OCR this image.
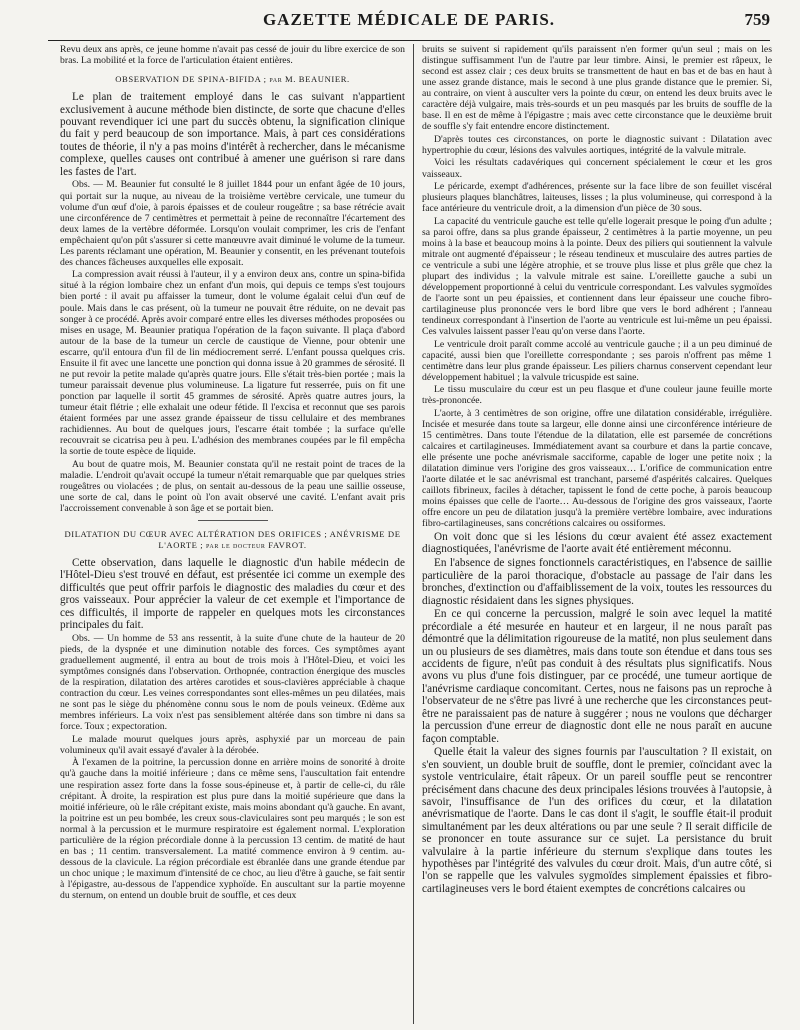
GAZETTE MÉDICALE DE PARIS.	759

Revu deux ans après, ce jeune homme n'avait pas cessé de jouir du libre exercice de son bras. La mobilité et la force de l'articulation étaient entières.

OBSERVATION DE SPINA-BIFIDA ; par M. BEAUNIER.

Le plan de traitement employé dans le cas suivant n'appartient exclusivement à aucune méthode bien distincte, de sorte que chacune d'elles pouvant revendiquer ici une part du succès obtenu, la signification clinique du fait y perd beaucoup de son importance. Mais, à part ces considérations toutes de théorie, il n'y a pas moins d'intérêt à rechercher, dans le mécanisme complexe, quelles causes ont contribué à amener une guérison si rare dans les fastes de l'art.

Obs. — M. Beaunier fut consulté le 8 juillet 1844 pour un enfant âgée de 10 jours, qui portait sur la nuque, au niveau de la troisième vertèbre cervicale, une tumeur du volume d'un œuf d'oie, à parois épaisses et de couleur rougeâtre ; sa base rétrécie avait une circonférence de 7 centimètres et permettait à peine de reconnaître l'écartement des deux lames de la vertèbre déformée. Lorsqu'on voulait comprimer, les cris de l'enfant empêchaient qu'on pût s'assurer si cette manœuvre avait diminué le volume de la tumeur. Les parents réclamant une opération, M. Beaunier y consentit, en les prévenant toutefois des chances fâcheuses auxquelles elle exposait.

La compression avait réussi à l'auteur, il y a environ deux ans, contre un spina-bifida situé à la région lombaire chez un enfant d'un mois, qui depuis ce temps s'est toujours bien porté : il avait pu affaisser la tumeur, dont le volume égalait celui d'un œuf de poule. Mais dans le cas présent, où la tumeur ne pouvait être réduite, on ne devait pas songer à ce procédé. Après avoir comparé entre elles les diverses méthodes proposées ou mises en usage, M. Beaunier pratiqua l'opération de la façon suivante. Il plaça d'abord autour de la base de la tumeur un cercle de caustique de Vienne, pour obtenir une escarre, qu'il entoura d'un fil de lin médiocrement serré. L'enfant poussa quelques cris. Ensuite il fit avec une lancette une ponction qui donna issue à 20 grammes de sérosité. Il ne put revoir la petite malade qu'après quatre jours. Elle s'était très-bien portée ; mais la tumeur paraissait devenue plus volumineuse. La ligature fut resserrée, puis on fit une ponction par laquelle il sortit 45 grammes de sérosité. Après quatre autres jours, la tumeur était flétrie ; elle exhalait une odeur fétide. Il l'excisa et reconnut que ses parois étaient formées par une assez grande épaisseur de tissu cellulaire et des membranes rachidiennes. Au bout de quelques jours, l'escarre était tombée ; la surface qu'elle recouvrait se cicatrisa peu à peu. L'adhésion des membranes coupées par le fil empêcha la sortie de toute espèce de liquide.

Au bout de quatre mois, M. Beaunier constata qu'il ne restait point de traces de la maladie. L'endroit qu'avait occupé la tumeur n'était remarquable que par quelques stries rougeâtres ou violacées ; de plus, on sentait au-dessous de la peau une saillie osseuse, une sorte de cal, dans le point où l'on avait observé une cavité. L'enfant avait pris l'accroissement convenable à son âge et se portait bien.

DILATATION DU CŒUR AVEC ALTÉRATION DES ORIFICES ; ANÉVRISME DE L'AORTE ; par le docteur FAVROT.

Cette observation, dans laquelle le diagnostic d'un habile médecin de l'Hôtel-Dieu s'est trouvé en défaut, est présentée ici comme un exemple des difficultés que peut offrir parfois le diagnostic des maladies du cœur et des gros vaisseaux. Pour apprécier la valeur de cet exemple et l'importance de ces difficultés, il importe de rappeler en quelques mots les circonstances principales du fait.

Obs. — Un homme de 53 ans ressentit, à la suite d'une chute de la hauteur de 20 pieds, de la dyspnée et une diminution notable des forces. Ces symptômes ayant graduellement augmenté, il entra au bout de trois mois à l'Hôtel-Dieu, et voici les symptômes consignés dans l'observation. Orthopnée, contraction énergique des muscles de la respiration, dilatation des artères carotides et sous-clavières appréciable à chaque contraction du cœur. Les veines correspondantes sont elles-mêmes un peu dilatées, mais ne sont pas le siège du phénomène connu sous le nom de pouls veineux. Œdème aux membres inférieurs. La voix n'est pas sensiblement altérée dans son timbre ni dans sa force. Toux ; expectoration.

Le malade mourut quelques jours après, asphyxié par un morceau de pain volumineux qu'il avait essayé d'avaler à la dérobée.

À l'examen de la poitrine, la percussion donne en arrière moins de sonorité à droite qu'à gauche dans la moitié inférieure ; dans ce même sens, l'auscultation fait entendre une respiration assez forte dans la fosse sous-épineuse et, à partir de celle-ci, du râle crépitant. À droite, la respiration est plus pure dans la moitié supérieure que dans la moitié inférieure, où le râle crépitant existe, mais moins abondant qu'à gauche. En avant, la poitrine est un peu bombée, les creux sous-claviculaires sont peu marqués ; le son est normal à la percussion et le murmure respiratoire est également normal. L'exploration particulière de la région précordiale donne à la percussion 13 centim. de matité de haut en bas ; 11 centim. transversalement. La matité commence environ à 9 centim. au-dessous de la clavicule. La région précordiale est ébranlée dans une grande étendue par un choc unique ; le maximum d'intensité de ce choc, au lieu d'être à gauche, se fait sentir à l'épigastre, au-dessous de l'appendice xyphoïde. En auscultant sur la partie moyenne du sternum, on entend un double bruit de souffle, et ces deux

bruits se suivent si rapidement qu'ils paraissent n'en former qu'un seul ; mais on les distingue suffisamment l'un de l'autre par leur timbre. Ainsi, le premier est râpeux, le second est assez clair ; ces deux bruits se transmettent de haut en bas et de bas en haut à une assez grande distance, mais le second à une plus grande distance que le premier. Si, au contraire, on vient à ausculter vers la pointe du cœur, on entend les deux bruits avec le caractère déjà vulgaire, mais très-sourds et un peu masqués par les bruits de souffle de la base. Il en est de même à l'épigastre ; mais avec cette circonstance que le deuxième bruit de souffle s'y fait entendre encore distinctement.

D'après toutes ces circonstances, on porte le diagnostic suivant : Dilatation avec hypertrophie du cœur, lésions des valvules aortiques, intégrité de la valvule mitrale.

Voici les résultats cadavériques qui concernent spécialement le cœur et les gros vaisseaux.

Le péricarde, exempt d'adhérences, présente sur la face libre de son feuillet viscéral plusieurs plaques blanchâtres, laiteuses, lisses ; la plus volumineuse, qui correspond à la face antérieure du ventricule droit, a la dimension d'un pièce de 30 sous.

La capacité du ventricule gauche est telle qu'elle logerait presque le poing d'un adulte ; sa paroi offre, dans sa plus grande épaisseur, 2 centimètres à la partie moyenne, un peu moins à la base et beaucoup moins à la pointe. Deux des piliers qui soutiennent la valvule mitrale ont augmenté d'épaisseur ; le réseau tendineux et musculaire des autres parties de ce ventricule a subi une légère atrophie, et se trouve plus lisse et plus grêle que chez la plupart des individus ; la valvule mitrale est saine. L'oreillette gauche a subi un développement proportionné à celui du ventricule correspondant. Les valvules sygmoïdes de l'aorte sont un peu épaissies, et contiennent dans leur épaisseur une couche fibro-cartilagineuse plus prononcée vers le bord libre que vers le bord adhérent ; l'anneau tendineux correspondant à l'insertion de l'aorte au ventricule est lui-même un peu épaissi. Ces valvules laissent passer l'eau qu'on verse dans l'aorte.

Le ventricule droit paraît comme accolé au ventricule gauche ; il a un peu diminué de capacité, aussi bien que l'oreillette correspondante ; ses parois n'offrent pas même 1 centimètre dans leur plus grande épaisseur. Les piliers charnus conservent cependant leur développement habituel ; la valvule tricuspide est saine.

Le tissu musculaire du cœur est un peu flasque et d'une couleur jaune feuille morte très-prononcée.

L'aorte, à 3 centimètres de son origine, offre une dilatation considérable, irrégulière. Incisée et mesurée dans toute sa largeur, elle donne ainsi une circonférence intérieure de 15 centimètres. Dans toute l'étendue de la dilatation, elle est parsemée de concrétions calcaires et cartilagineuses. Immédiatement avant sa courbure et dans la partie concave, elle présente une poche anévrismale sacciforme, capable de loger une petite noix ; la dilatation diminue vers l'origine des gros vaisseaux… L'orifice de communication entre l'aorte dilatée et le sac anévrismal est tranchant, parsemé d'aspérités calcaires. Quelques caillots fibrineux, faciles à détacher, tapissent le fond de cette poche, à parois beaucoup moins épaisses que celle de l'aorte… Au-dessous de l'origine des gros vaisseaux, l'aorte offre encore un peu de dilatation jusqu'à la première vertèbre lombaire, avec indurations fibro-cartilagineuses, sans concrétions calcaires ou ossiformes.

On voit donc que si les lésions du cœur avaient été assez exactement diagnostiquées, l'anévrisme de l'aorte avait été entièrement méconnu.

En l'absence de signes fonctionnels caractéristiques, en l'absence de saillie particulière de la paroi thoracique, d'obstacle au passage de l'air dans les bronches, d'extinction ou d'affaiblissement de la voix, toutes les ressources du diagnostic résidaient dans les signes physiques.

En ce qui concerne la percussion, malgré le soin avec lequel la matité précordiale a été mesurée en hauteur et en largeur, il ne nous paraît pas démontré que la délimitation rigoureuse de la matité, non plus seulement dans un ou plusieurs de ses diamètres, mais dans toute son étendue et dans tous ses accidents de figure, n'eût pas conduit à des résultats plus significatifs. Nous avons vu plus d'une fois distinguer, par ce procédé, une tumeur aortique de l'anévrisme cardiaque concomitant. Certes, nous ne faisons pas un reproche à l'observateur de ne s'être pas livré à une recherche que les circonstances peut-être ne paraissaient pas de nature à suggérer ; nous ne voulons que décharger la percussion d'une erreur de diagnostic dont elle ne nous paraît en aucune façon comptable.

Quelle était la valeur des signes fournis par l'auscultation ? Il existait, on s'en souvient, un double bruit de souffle, dont le premier, coïncidant avec la systole ventriculaire, était râpeux. Or un pareil souffle peut se rencontrer précisément dans chacune des deux principales lésions trouvées à l'autopsie, à savoir, l'insuffisance de l'un des orifices du cœur, et la dilatation anévrismatique de l'aorte. Dans le cas dont il s'agit, le souffle était-il produit simultanément par les deux altérations ou par une seule ? Il serait difficile de se prononcer en toute assurance sur ce sujet. La persistance du bruit valvulaire à la partie inférieure du sternum s'explique dans toutes les hypothèses par l'intégrité des valvules du cœur droit. Mais, d'un autre côté, si l'on se rappelle que les valvules sygmoïdes simplement épaissies et fibro-cartilagineuses vers le bord étaient exemptes de concrétions calcaires ou
